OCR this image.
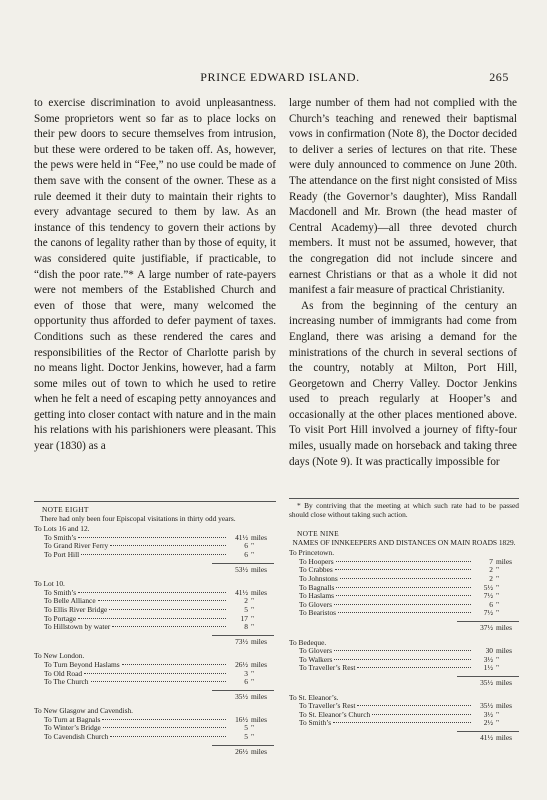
PRINCE EDWARD ISLAND.	265

to exercise discrimination to avoid unpleasantness. Some proprietors went so far as to place locks on their pew doors to secure themselves from intrusion, but these were ordered to be taken off. As, however, the pews were held in “Fee,” no use could be made of them save with the consent of the owner. These as a rule deemed it their duty to maintain their rights to every advantage secured to them by law. As an instance of this tendency to govern their actions by the canons of legality rather than by those of equity, it was considered quite justifiable, if practicable, to “dish the poor rate.”* A large number of rate-payers were not members of the Established Church and even of those that were, many welcomed the opportunity thus afforded to defer payment of taxes. Conditions such as these rendered the cares and responsibilities of the Rector of Charlotte parish by no means light. Doctor Jenkins, however, had a farm some miles out of town to which he used to retire when he felt a need of escaping petty annoyances and getting into closer contact with nature and in the main his relations with his parishioners were pleasant. This year (1830) as a

large number of them had not complied with the Church’s teaching and renewed their baptismal vows in confirmation (Note 8), the Doctor decided to deliver a series of lectures on that rite. These were duly announced to commence on June 20th. The attendance on the first night consisted of Miss Ready (the Governor’s daughter), Miss Randall Macdonell and Mr. Brown (the head master of Central Academy)—all three devoted church members. It must not be assumed, however, that the congregation did not include sincere and earnest Christians or that as a whole it did not manifest a fair measure of practical Christianity.

As from the beginning of the century an increasing number of immigrants had come from England, there was arising a demand for the ministrations of the church in several sections of the country, notably at Milton, Port Hill, Georgetown and Cherry Valley. Doctor Jenkins used to preach regularly at Hooper’s and occasionally at the other places mentioned above. To visit Port Hill involved a journey of fifty-four miles, usually made on horseback and taking three days (Note 9). It was practically impossible for

* By contriving that the meeting at which such rate had to be passed should close without taking such action.

NOTE EIGHT
There had only been four Episcopal visitations in thirty odd years.
To Lots 16 and 12.
To Smith’s	41½ miles
To Grand River Ferry	6 "
To Port Hill	6 "
53½ miles
To Lot 10.
To Smith’s	41½ miles
To Belle Alliance	2 "
To Ellis River Bridge	5 "
To Portage	17 "
To Hillstown by water	8 "
73½ miles
To New London.
To Turn Beyond Haslams	26½ miles
To Old Road	3 "
To The Church	6 "
35½ miles
To New Glasgow and Cavendish.
To Turn at Bagnals	16½ miles
To Winter’s Bridge	5 "
To Cavendish Church	5 "
26½ miles
NOTE NINE
NAMES OF INNKEEPERS AND DISTANCES ON MAIN ROADS 1829.
To Princetown.
To Hoopers	7 miles
To Crabbes	2 "
To Johnstons	2 "
To Bagnalls	5½ "
To Haslams	7½ "
To Glovers	6 "
To Bearistos	7½ "
37½ miles
To Bedeque.
To Glovers	30 miles
To Walkers	3½ "
To Traveller’s Rest	1½ "
35½ miles
To St. Eleanor’s.
To Traveller’s Rest	35½ miles
To St. Eleanor’s Church	3½ "
To Smith’s	2½ "
41½ miles
